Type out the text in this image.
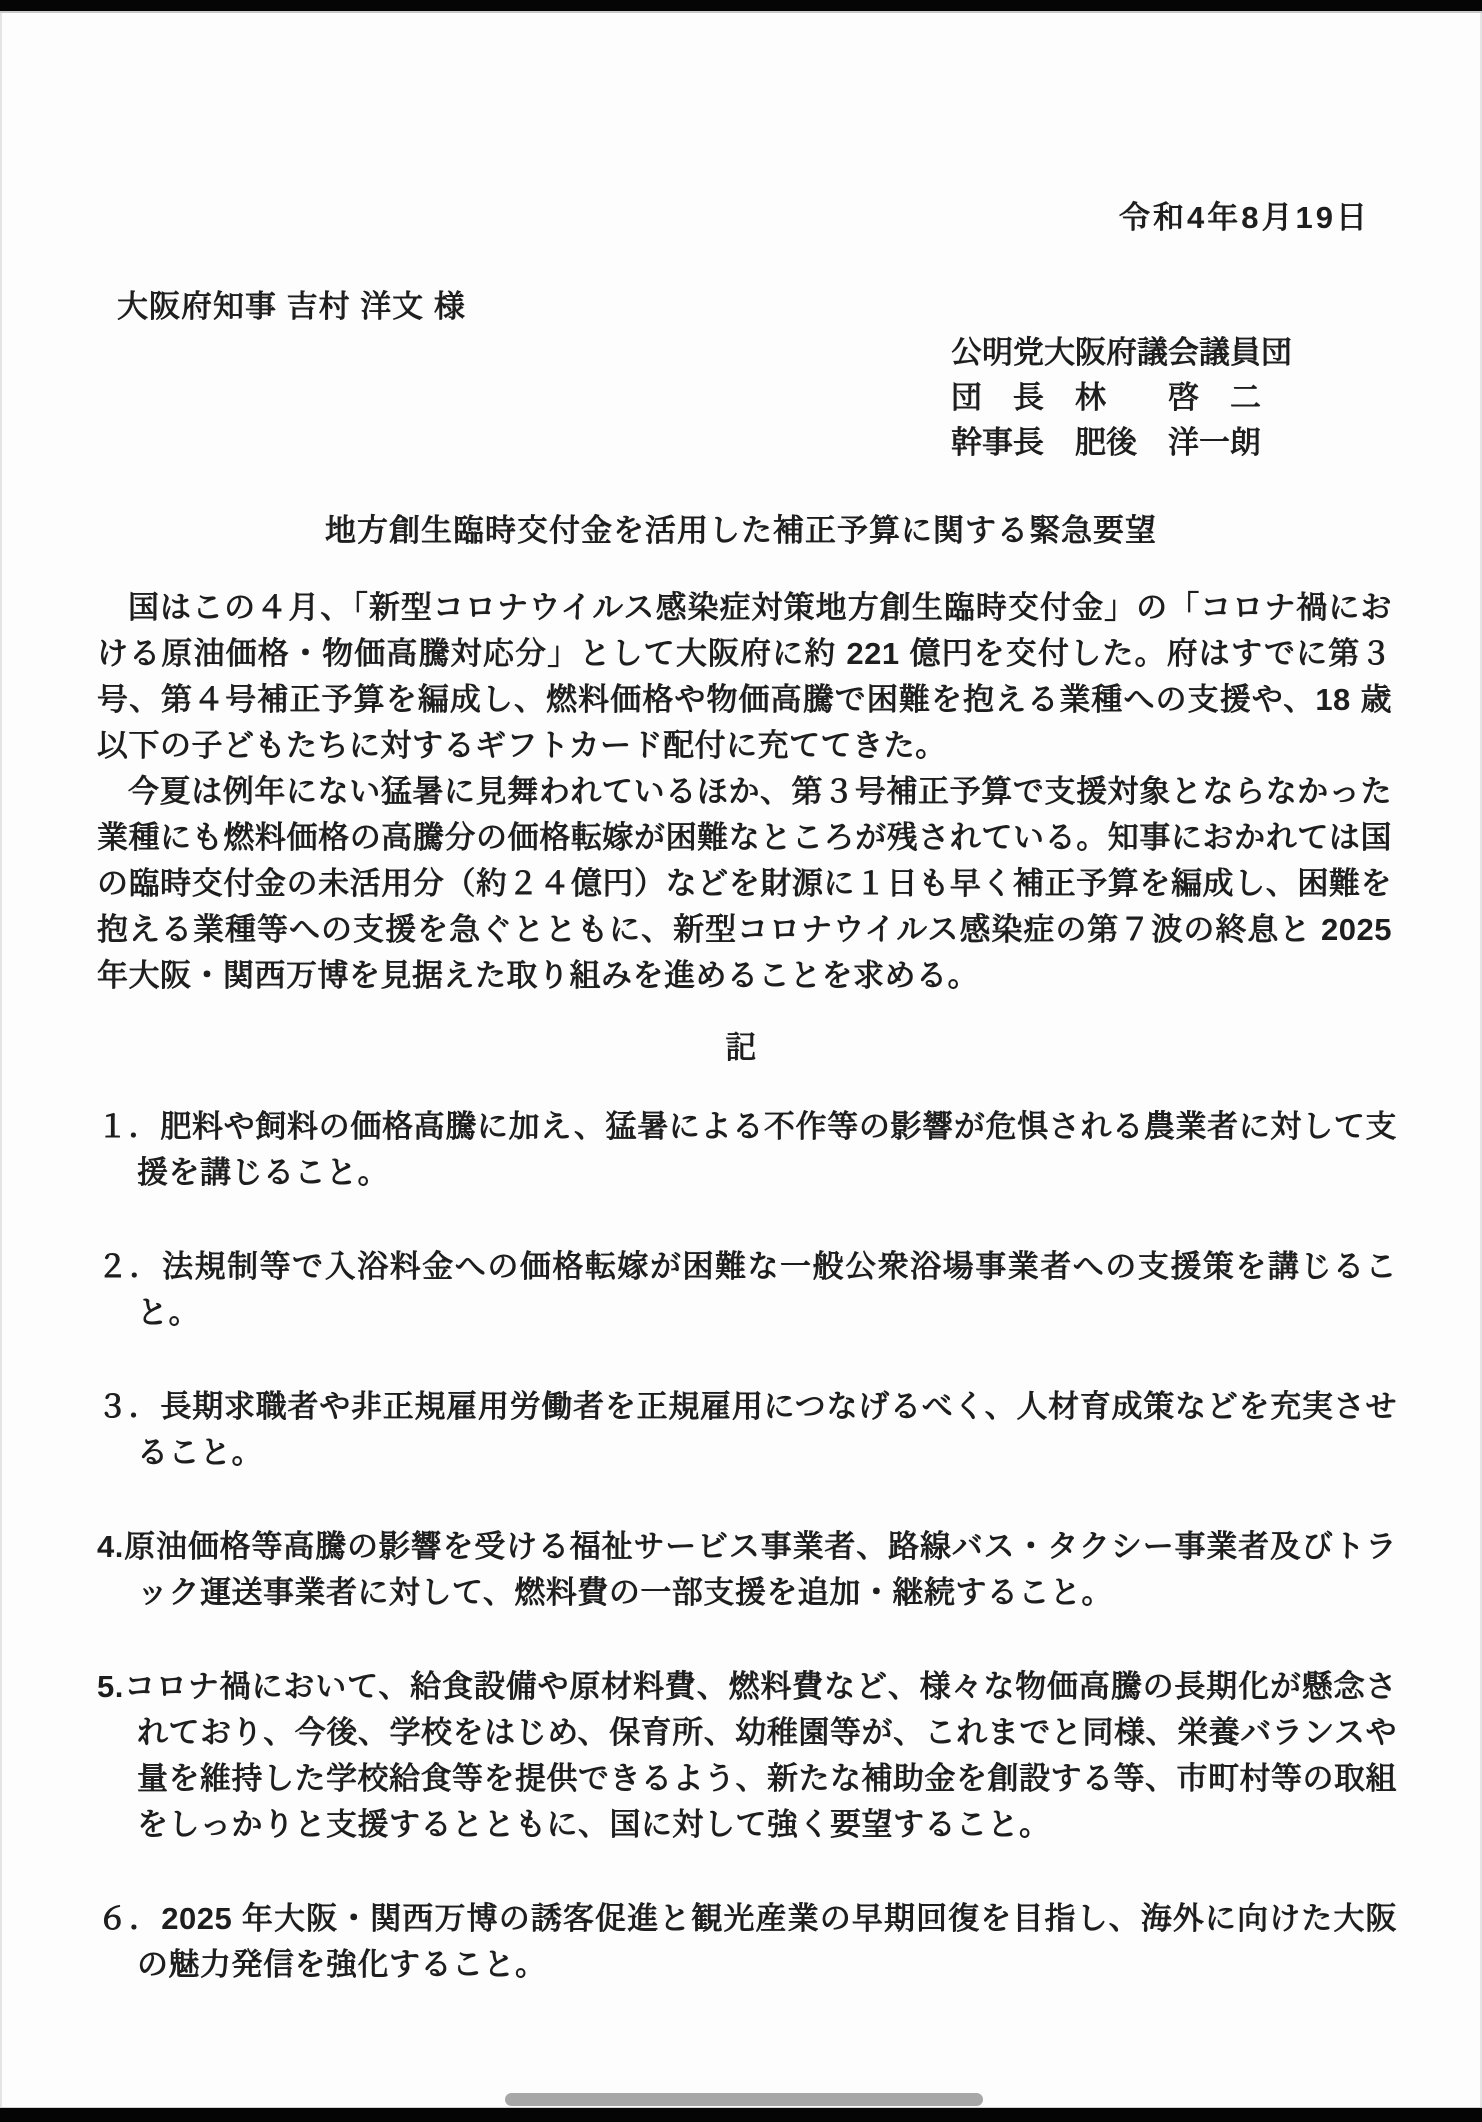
令和4年8月19日
大阪府知事 吉村 洋文 様
公明党大阪府議会議員団
団　長　林　　啓　二
幹事長　肥後　洋一朗
地方創生臨時交付金を活用した補正予算に関する緊急要望

国はこの４月、「新型コロナウイルス感染症対策地方創生臨時交付金」の「コロナ禍における原油価格・物価高騰対応分」として大阪府に約 221 億円を交付した。府はすでに第３号、第４号補正予算を編成し、燃料価格や物価高騰で困難を抱える業種への支援や、18 歳以下の子どもたちに対するギフトカード配付に充ててきた。

今夏は例年にない猛暑に見舞われているほか、第３号補正予算で支援対象とならなかった業種にも燃料価格の高騰分の価格転嫁が困難なところが残されている。知事におかれては国の臨時交付金の未活用分（約２４億円）などを財源に１日も早く補正予算を編成し、困難を抱える業種等への支援を急ぐとともに、新型コロナウイルス感染症の第７波の終息と 2025 年大阪・関西万博を見据えた取り組みを進めることを求める。

記
１．肥料や飼料の価格高騰に加え、猛暑による不作等の影響が危惧される農業者に対して支援を講じること。
２．法規制等で入浴料金への価格転嫁が困難な一般公衆浴場事業者への支援策を講じること。
３．長期求職者や非正規雇用労働者を正規雇用につなげるべく、人材育成策などを充実させること。
4.原油価格等高騰の影響を受ける福祉サービス事業者、路線バス・タクシー事業者及びトラック運送事業者に対して、燃料費の一部支援を追加・継続すること。
5.コロナ禍において、給食設備や原材料費、燃料費など、様々な物価高騰の長期化が懸念されており、今後、学校をはじめ、保育所、幼稚園等が、これまでと同様、栄養バランスや量を維持した学校給食等を提供できるよう、新たな補助金を創設する等、市町村等の取組をしっかりと支援するとともに、国に対して強く要望すること。
６．2025 年大阪・関西万博の誘客促進と観光産業の早期回復を目指し、海外に向けた大阪の魅力発信を強化すること。
